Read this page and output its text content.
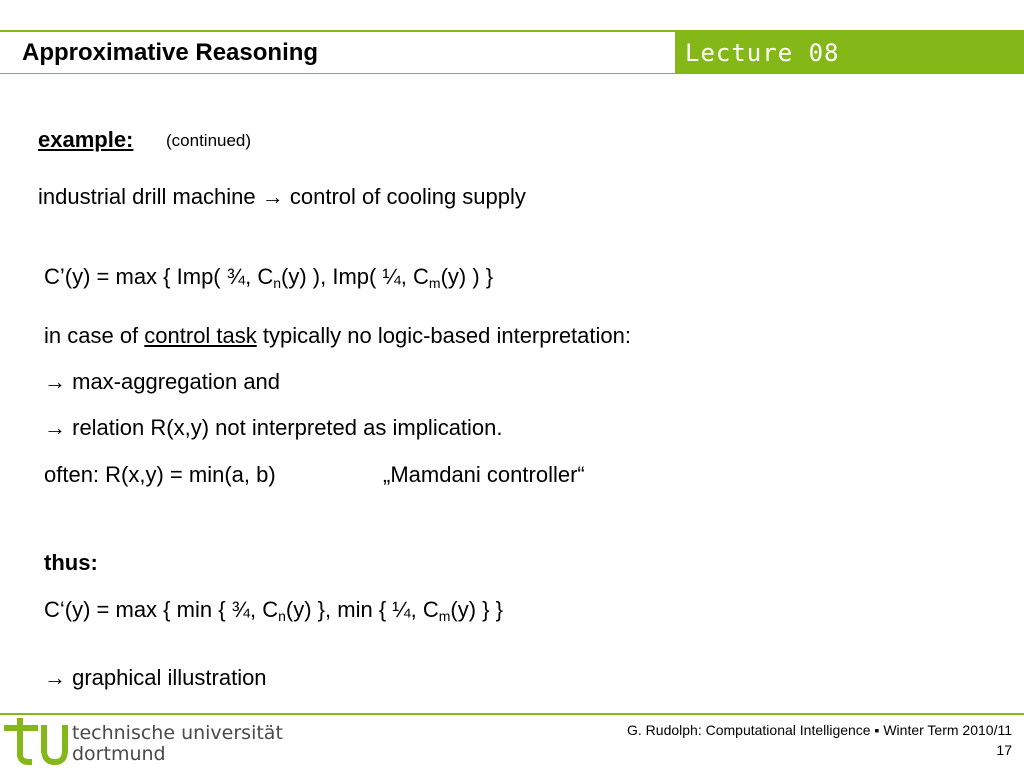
Approximative Reasoning	Lecture 08
example: (continued)
industrial drill machine → control of cooling supply
C’(y) = max { Imp( ¾, $C_n(y)$ ), Imp( ¼, $C_m(y)$ ) }
in case of control task typically no logic-based interpretation:
→ max-aggregation and
→ relation R(x,y) not interpreted as implication.
often: R(x,y) = min(a, b)	„Mamdani controller“
thus:
C‘(y) = max { min { ¾, $C_n(y)$ }, min { ¼, $C_m(y)$ } }
→ graphical illustration
technische universität
dortmund
G. Rudolph: Computational Intelligence ▪ Winter Term 2010/11
17
